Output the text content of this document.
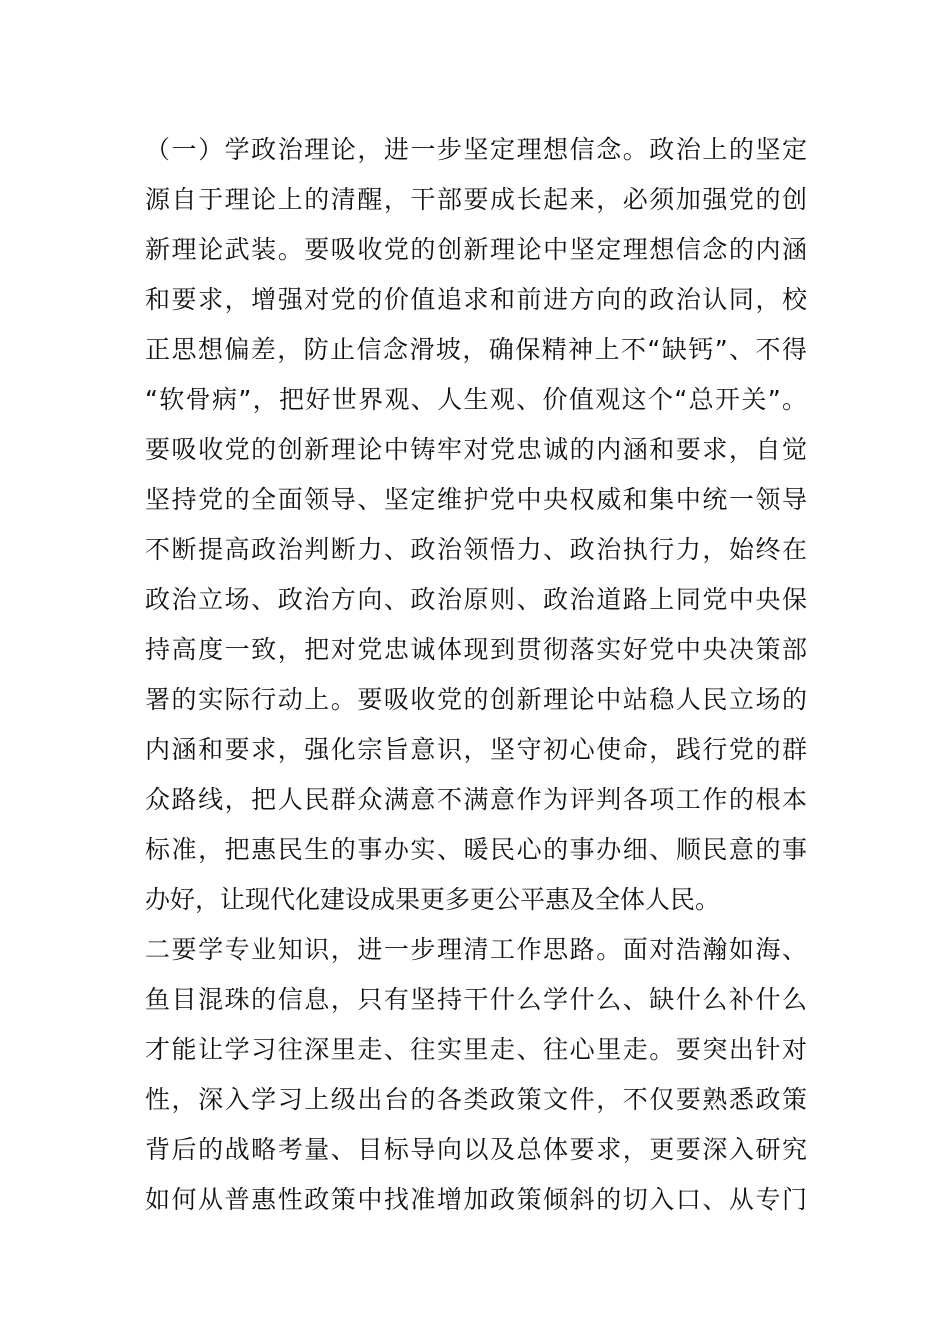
（一）学政治理论，进一步坚定理想信念。政治上的坚定
源自于理论上的清醒，干部要成长起来，必须加强党的创
新理论武装。要吸收党的创新理论中坚定理想信念的内涵
和要求，增强对党的价值追求和前进方向的政治认同，校
正思想偏差，防止信念滑坡，确保精神上不“缺钙”、不得
“软骨病”，把好世界观、人生观、价值观这个“总开关”。
要吸收党的创新理论中铸牢对党忠诚的内涵和要求，自觉
坚持党的全面领导、坚定维护党中央权威和集中统一领导
不断提高政治判断力、政治领悟力、政治执行力，始终在
政治立场、政治方向、政治原则、政治道路上同党中央保
持高度一致，把对党忠诚体现到贯彻落实好党中央决策部
署的实际行动上。要吸收党的创新理论中站稳人民立场的
内涵和要求，强化宗旨意识，坚守初心使命，践行党的群
众路线，把人民群众满意不满意作为评判各项工作的根本
标准，把惠民生的事办实、暖民心的事办细、顺民意的事
办好，让现代化建设成果更多更公平惠及全体人民。
二要学专业知识，进一步理清工作思路。面对浩瀚如海、
鱼目混珠的信息，只有坚持干什么学什么、缺什么补什么
才能让学习往深里走、往实里走、往心里走。要突出针对
性，深入学习上级出台的各类政策文件，不仅要熟悉政策
背后的战略考量、目标导向以及总体要求，更要深入研究
如何从普惠性政策中找准增加政策倾斜的切入口、从专门
